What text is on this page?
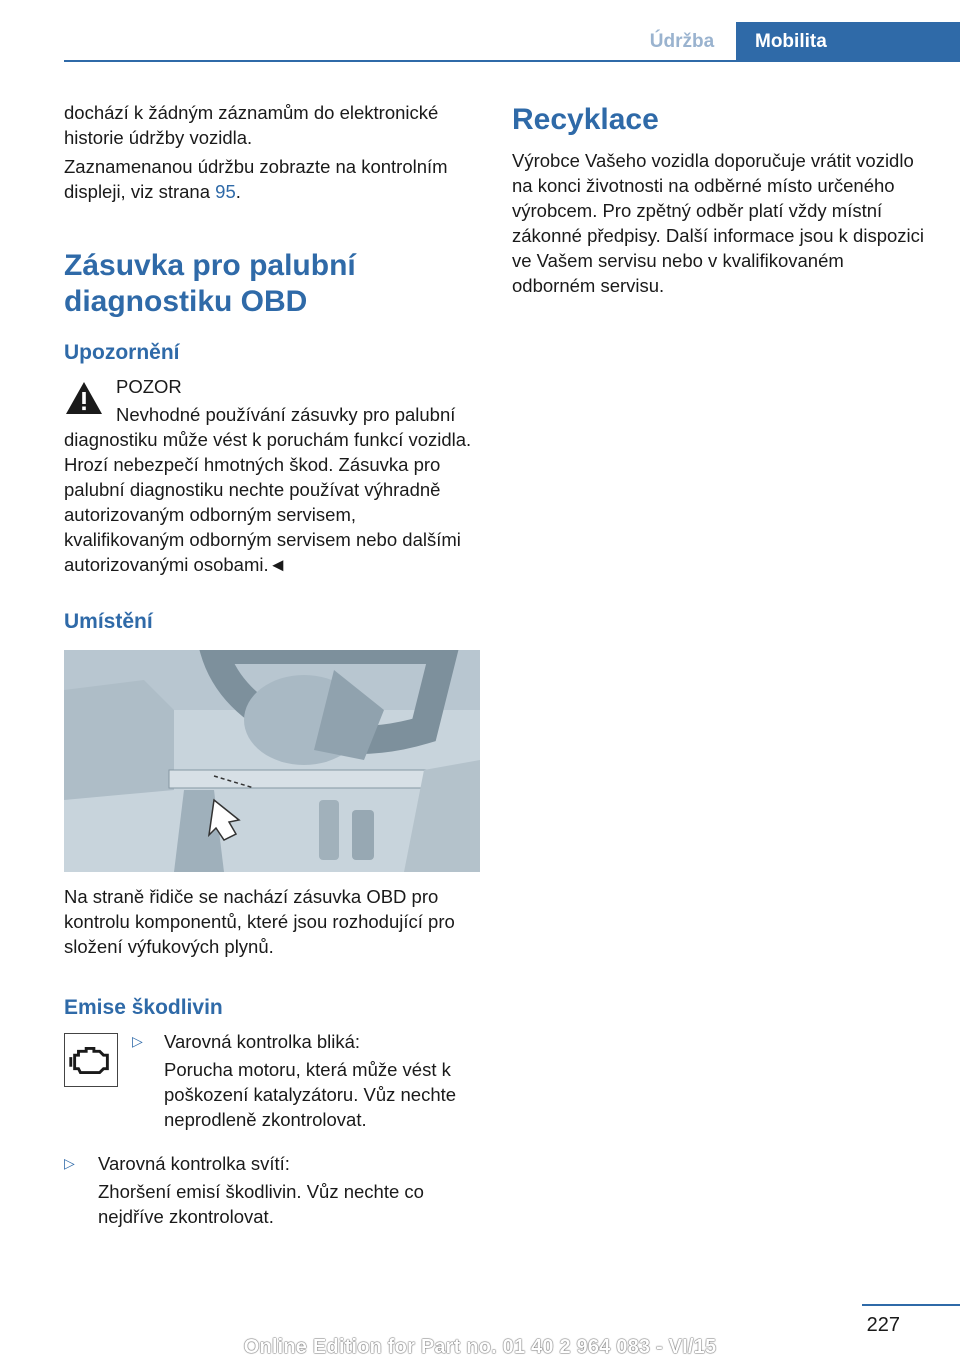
Údržba	Mobilita

dochází k žádným záznamům do elektronické historie údržby vozidla.

Zaznamenanou údržbu zobrazte na kontrolním displeji, viz strana 95.

Zásuvka pro palubní diagnostiku OBD
Upozornění

POZOR

Nevhodné používání zásuvky pro palubní diagnostiku může vést k poruchám funkcí vozidla. Hrozí nebezpečí hmotných škod. Zásuvka pro palubní diagnostiku nechte používat výhradně autorizovaným odborným servisem, kvalifikovaným odborným servisem nebo dalšími autorizovanými osobami.◄

Umístění

Na straně řidiče se nachází zásuvka OBD pro kontrolu komponentů, které jsou rozhodující pro složení výfukových plynů.

Emise škodlivin
▷	Varovná kontrolka bliká:

Porucha motoru, která může vést k poškození katalyzátoru. Vůz nechte neprodleně zkontrolovat.

▷	Varovná kontrolka svítí:

Zhoršení emisí škodlivin. Vůz nechte co nejdříve zkontrolovat.

Recyklace

Výrobce Vašeho vozidla doporučuje vrátit vozidlo na konci životnosti na odběrné místo určeného výrobcem. Pro zpětný odběr platí vždy místní zákonné předpisy. Další informace jsou k dispozici ve Vašem servisu nebo v kvalifikovaném odborném servisu.

227
Online Edition for Part no. 01 40 2 964 083 - VI/15
